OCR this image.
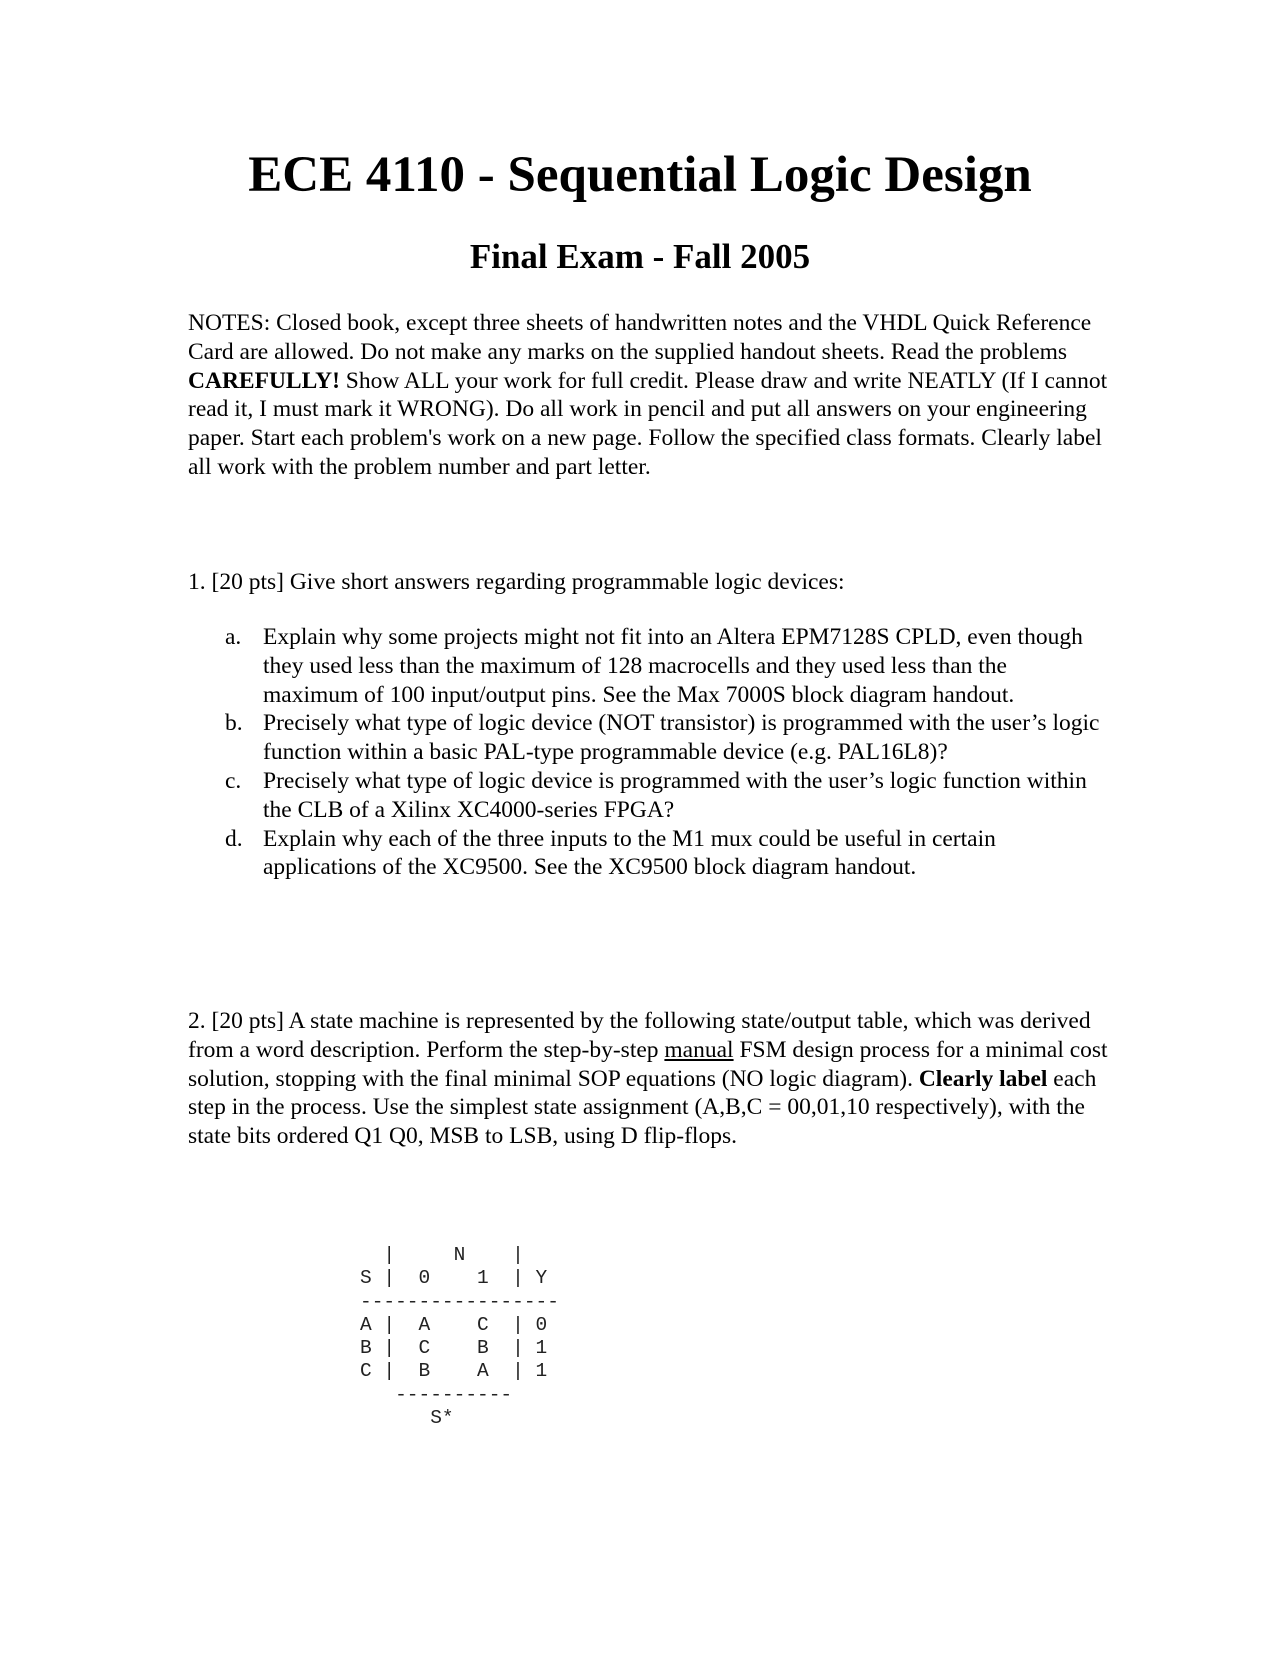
ECE 4110 - Sequential Logic Design
Final Exam - Fall 2005

NOTES: Closed book, except three sheets of handwritten notes and the VHDL Quick Reference Card are allowed. Do not make any marks on the supplied handout sheets. Read the problems CAREFULLY! Show ALL your work for full credit. Please draw and write NEATLY (If I cannot read it, I must mark it WRONG). Do all work in pencil and put all answers on your engineering paper. Start each problem's work on a new page. Follow the specified class formats. Clearly label all work with the problem number and part letter.

1. [20 pts] Give short answers regarding programmable logic devices:

a. Explain why some projects might not fit into an Altera EPM7128S CPLD, even though they used less than the maximum of 128 macrocells and they used less than the maximum of 100 input/output pins. See the Max 7000S block diagram handout.
b. Precisely what type of logic device (NOT transistor) is programmed with the user’s logic function within a basic PAL-type programmable device (e.g. PAL16L8)?
c. Precisely what type of logic device is programmed with the user’s logic function within the CLB of a Xilinx XC4000-series FPGA?
d. Explain why each of the three inputs to the M1 mux could be useful in certain applications of the XC9500. See the XC9500 block diagram handout.

2. [20 pts] A state machine is represented by the following state/output table, which was derived from a word description. Perform the step-by-step manual FSM design process for a minimal cost solution, stopping with the final minimal SOP equations (NO logic diagram). Clearly label each step in the process. Use the simplest state assignment (A,B,C = 00,01,10 respectively), with the state bits ordered Q1 Q0, MSB to LSB, using D flip-flops.

|     N    |
S |  0    1  | Y
-----------------
A |  A    C  | 0
B |  C    B  | 1
C |  B    A  | 1
----------
S*
